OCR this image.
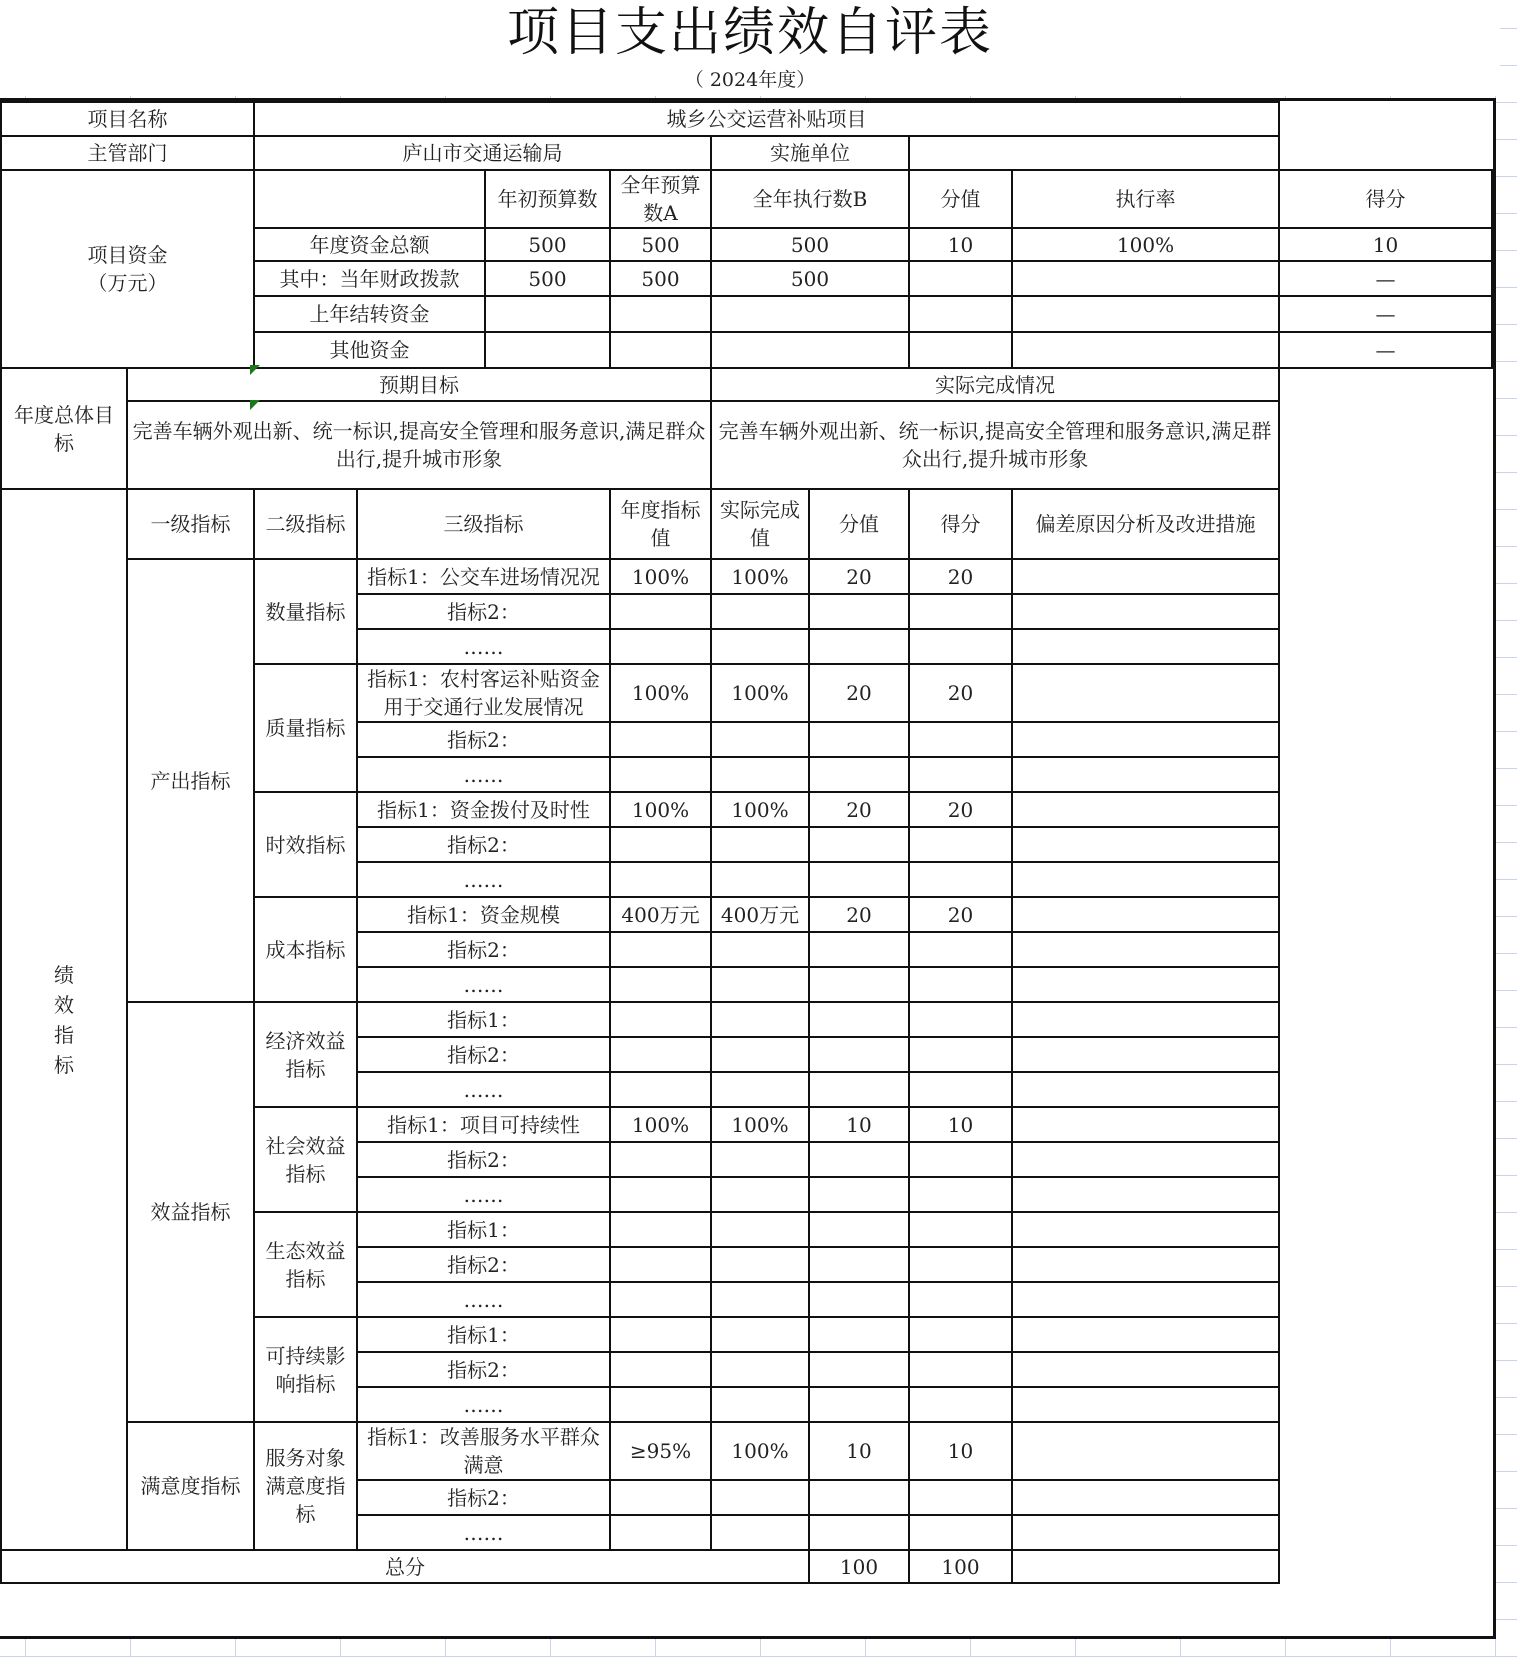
项目支出绩效自评表
（ 2024年度）
项目名称		城乡公交运营补贴项目								
主管部门		庐山市交通运输局				实施单位				
项目资金
（万元）				年初预算数	全年预算数A	全年执行数B		分值	执行率	得分
		年度资金总额		500	500	500		10	100%	10
		其中：当年财政拨款		500	500	500				—
		上年结转资金								—
		其他资金								—
年度总体目标	预期目标					实际完成情况				
	完善车辆外观出新、统一标识,提高安全管理和服务意识,满足群众出行,提升城市形象					完善车辆外观出新、统一标识,提高安全管理和服务意识,满足群众出行,提升城市形象				
绩效指标	一级指标	二级指标	三级指标		年度指标值	实际完成值	分值	得分	偏差原因分析及改进措施	
	产出指标	数量指标	指标1：公交车进场情况况		100%	100%	20	20		
			指标2：							
			……							
		质量指标	指标1：农村客运补贴资金用于交通行业发展情况		100%	100%	20	20		
			指标2：							
			……							
		时效指标	指标1：资金拨付及时性		100%	100%	20	20		
			指标2：							
			……							
		成本指标	指标1：资金规模		400万元	400万元	20	20		
			指标2：							
			……							
	效益指标	经济效益指标	指标1：							
			指标2：							
			……							
		社会效益指标	指标1：项目可持续性		100%	100%	10	10		
			指标2：							
			……							
		生态效益指标	指标1：							
			指标2：							
			……							
		可持续影响指标	指标1：							
			指标2：							
			……							
	满意度指标	服务对象满意度指标	指标1：改善服务水平群众满意		≥95%	100%	10	10		
			指标2：							
			……							
总分							100	100		
